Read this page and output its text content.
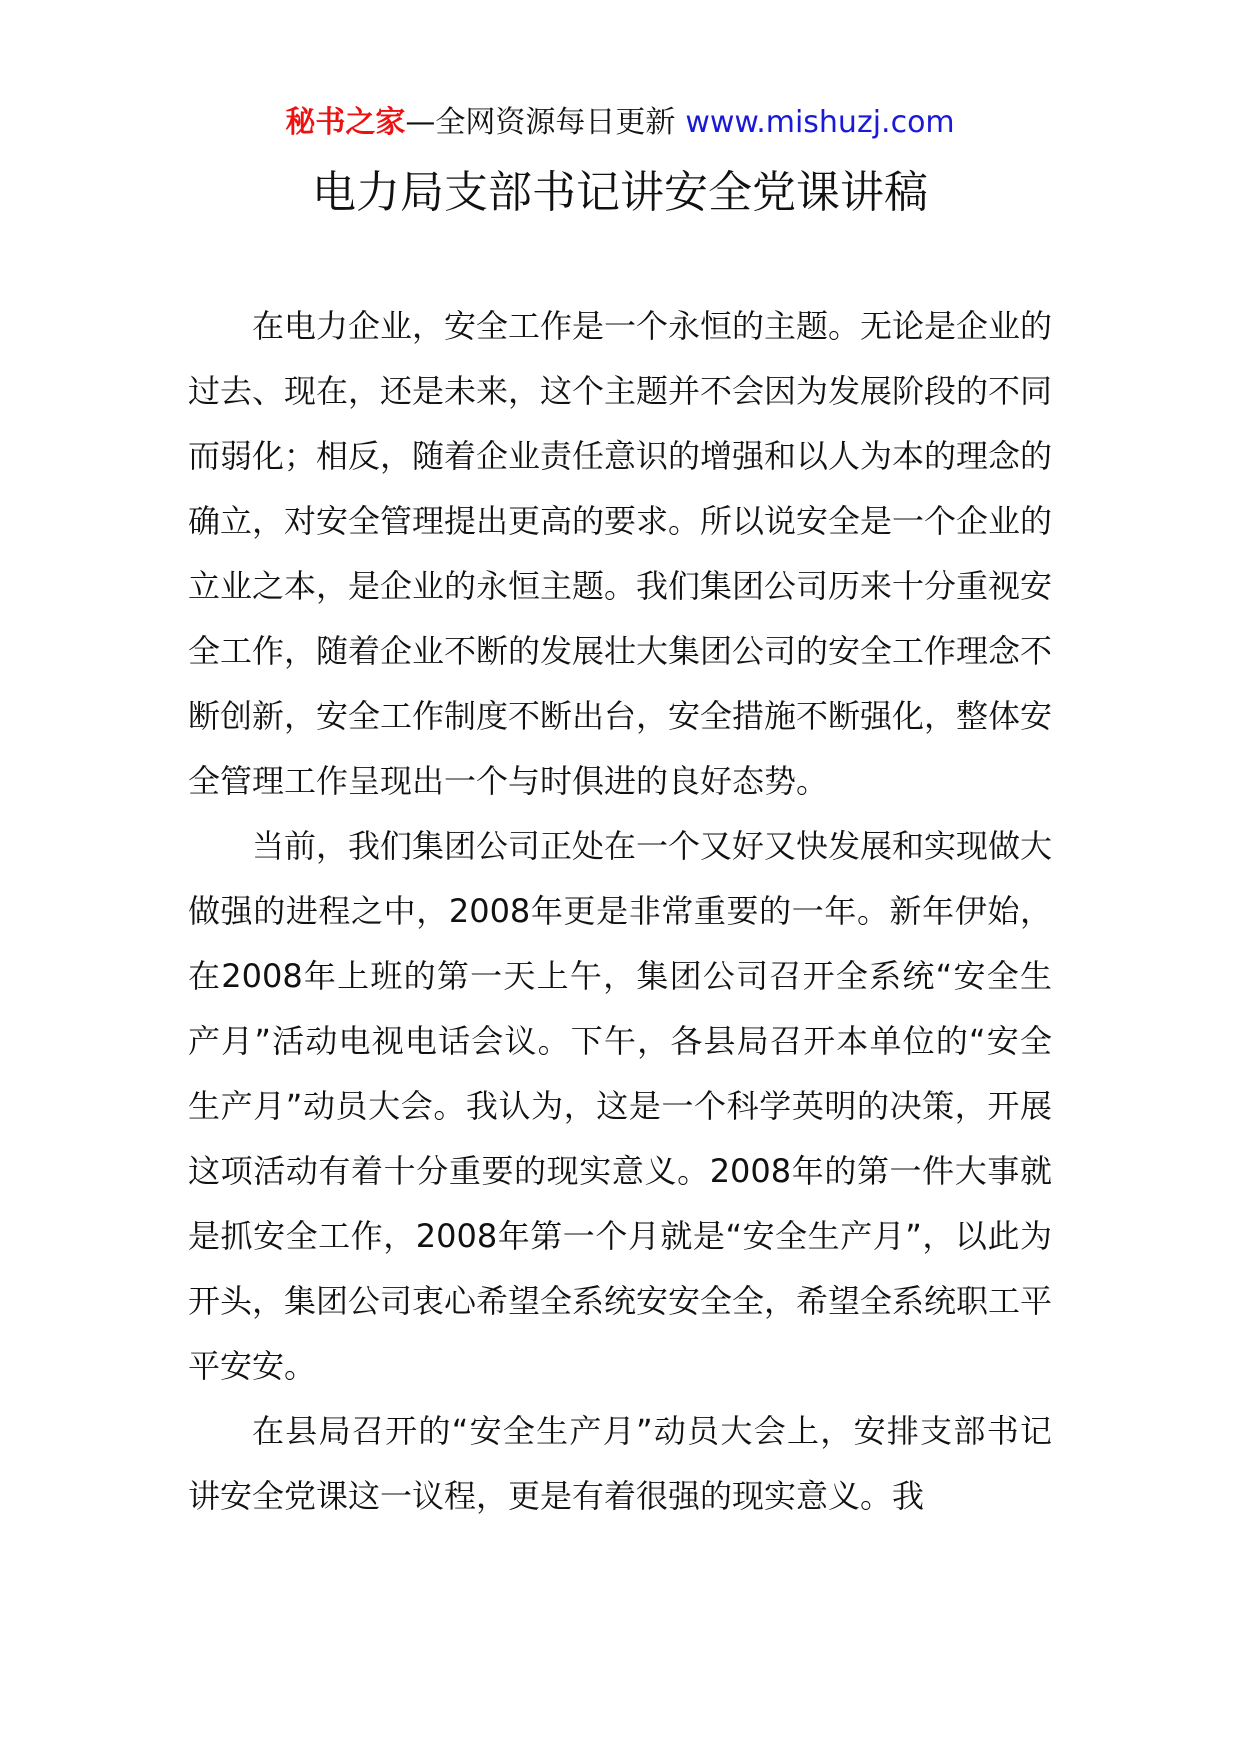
秘书之家—全网资源每日更新 www.mishuzj.com
电力局支部书记讲安全党课讲稿

在电力企业，安全工作是一个永恒的主题。无论是企业的过去、现在，还是未来，这个主题并不会因为发展阶段的不同而弱化；相反，随着企业责任意识的增强和以人为本的理念的确立，对安全管理提出更高的要求。所以说安全是一个企业的立业之本，是企业的永恒主题。我们集团公司历来十分重视安全工作，随着企业不断的发展壮大集团公司的安全工作理念不断创新，安全工作制度不断出台，安全措施不断强化，整体安全管理工作呈现出一个与时俱进的良好态势。

当前，我们集团公司正处在一个又好又快发展和实现做大做强的进程之中，2008年更是非常重要的一年。新年伊始，在2008年上班的第一天上午，集团公司召开全系统“安全生产月”活动电视电话会议。下午，各县局召开本单位的“安全生产月”动员大会。我认为，这是一个科学英明的决策，开展这项活动有着十分重要的现实意义。2008年的第一件大事就是抓安全工作，2008年第一个月就是“安全生产月”，以此为开头，集团公司衷心希望全系统安安全全，希望全系统职工平平安安。

在县局召开的“安全生产月”动员大会上，安排支部书记讲安全党课这一议程，更是有着很强的现实意义。我
